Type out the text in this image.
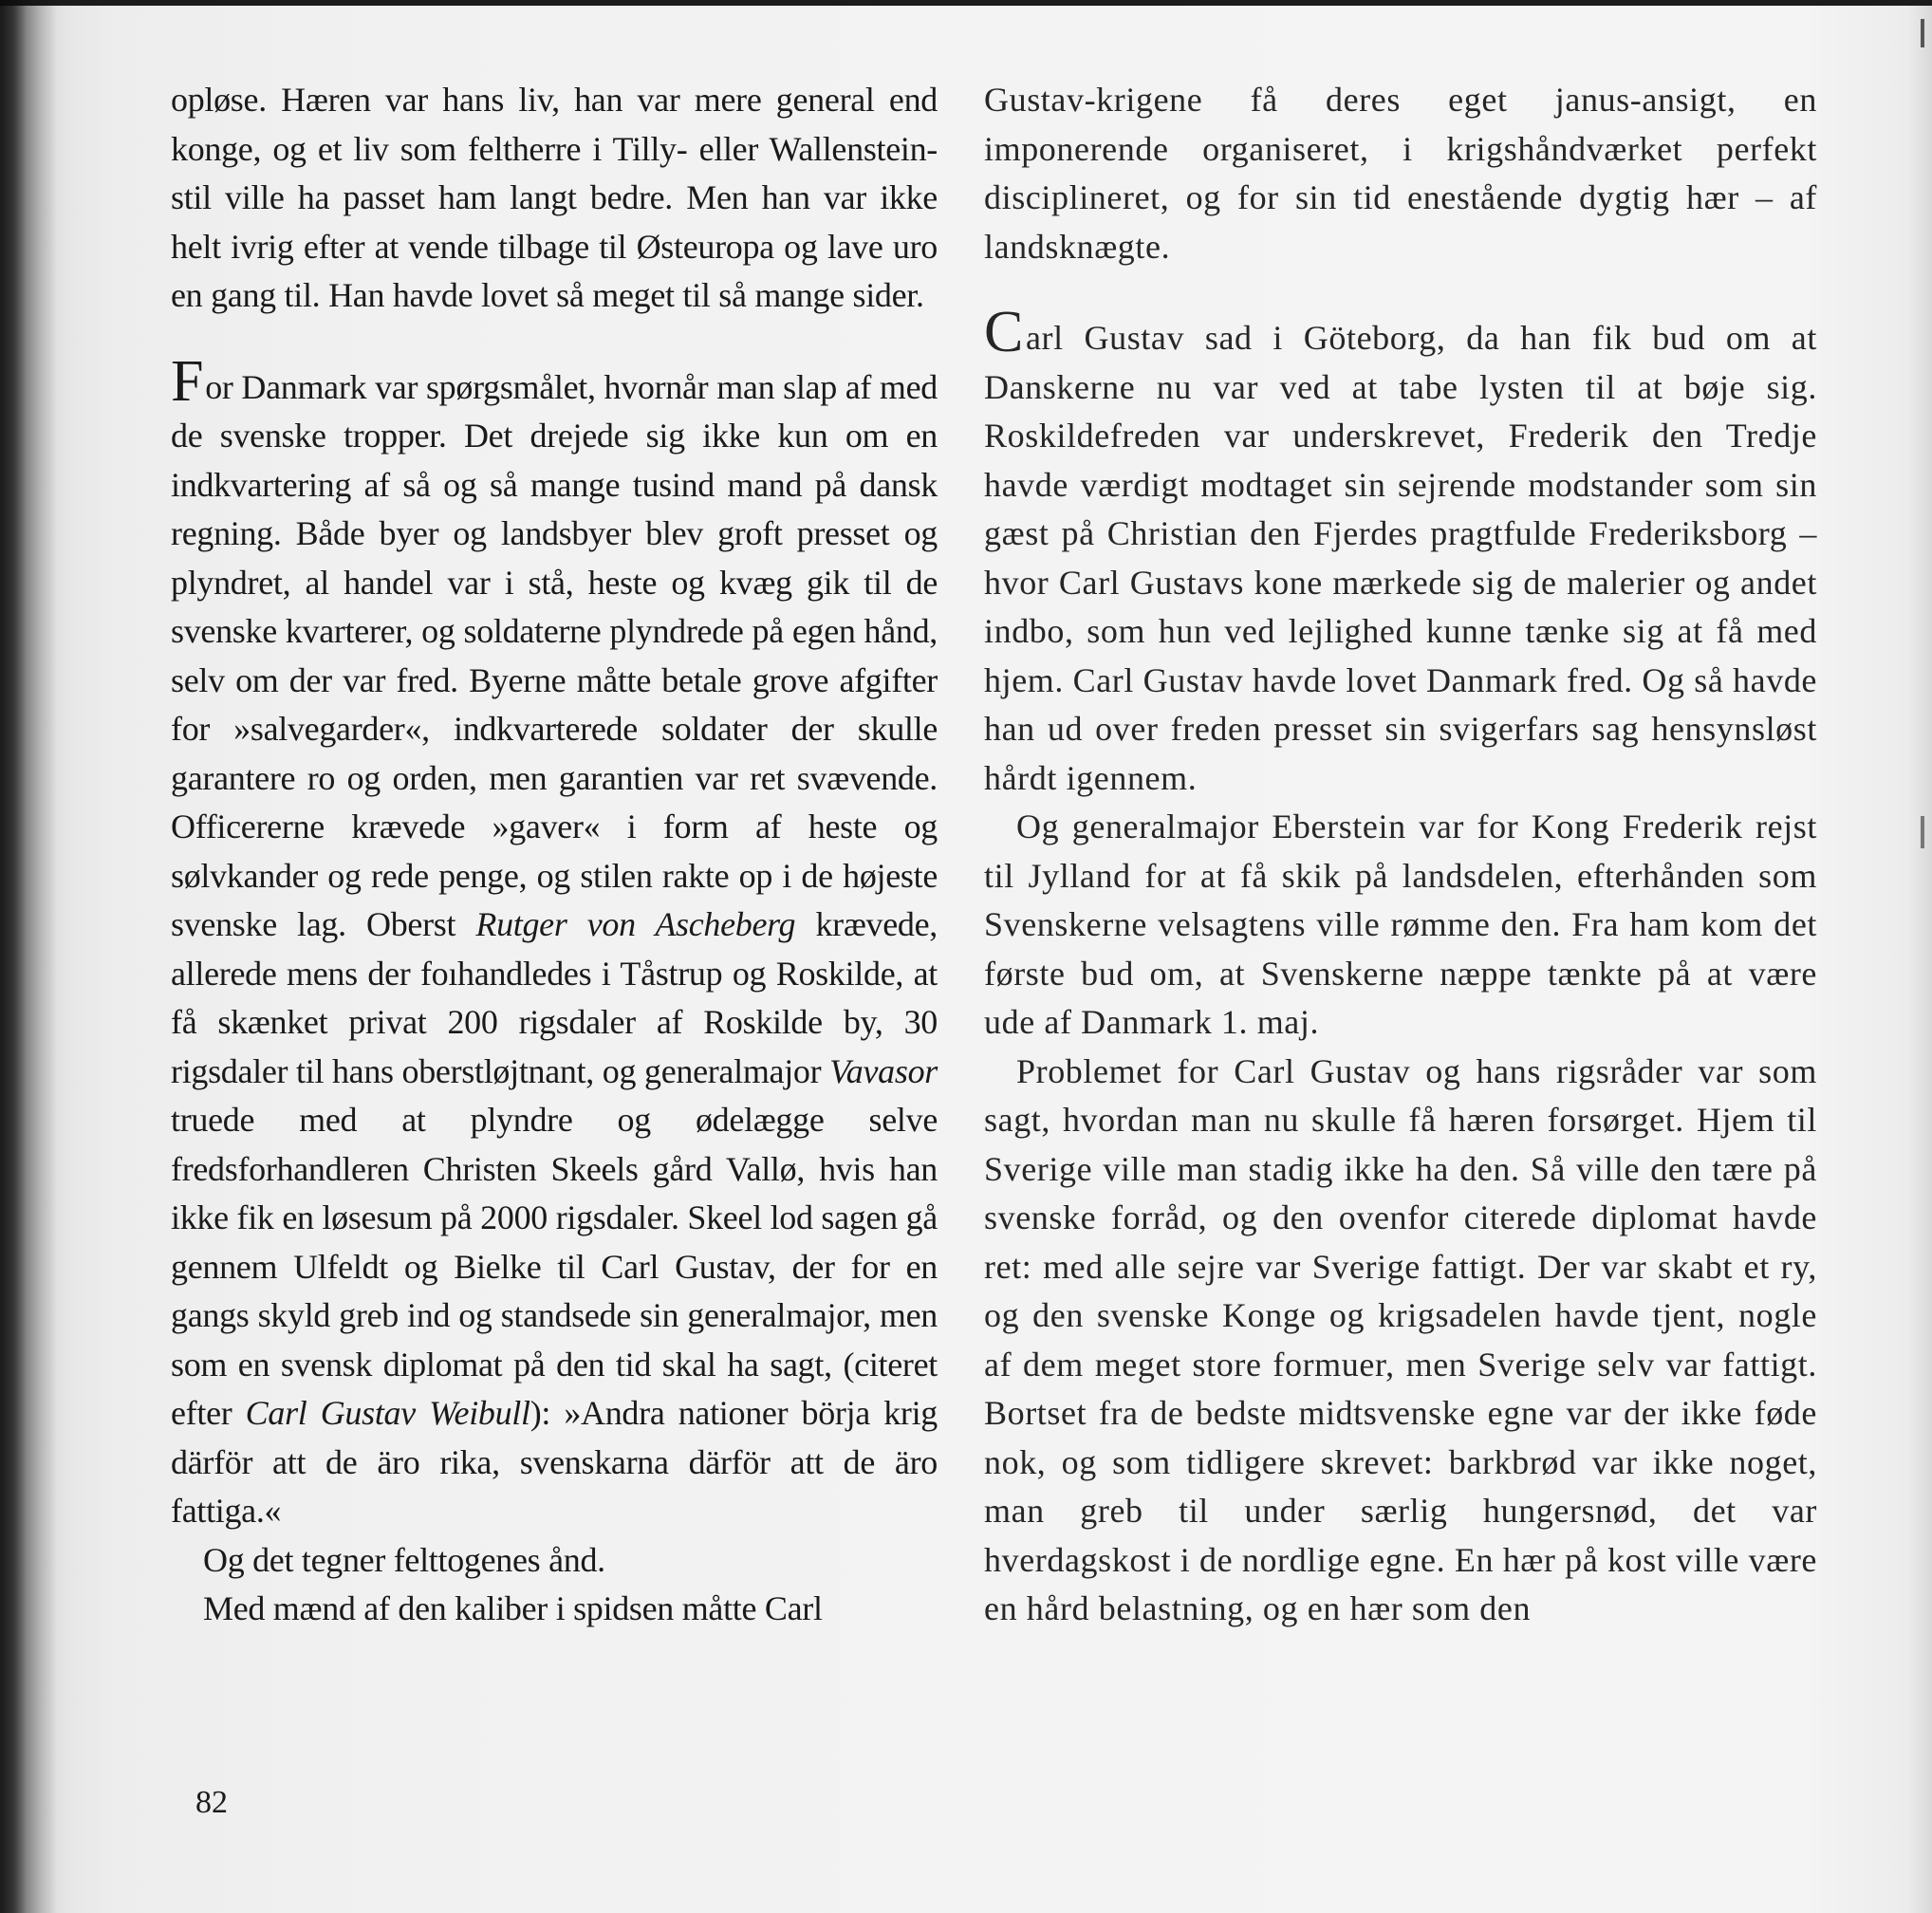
opløse. Hæren var hans liv, han var mere general end konge, og et liv som feltherre i Tilly- eller Wallenstein-stil ville ha passet ham langt bedre. Men han var ikke helt ivrig efter at vende tilbage til Østeuropa og lave uro en gang til. Han havde lovet så meget til så mange sider.

For Danmark var spørgsmålet, hvornår man slap af med de svenske tropper. Det drejede sig ikke kun om en indkvartering af så og så mange tusind mand på dansk regning. Både byer og landsbyer blev groft presset og plyndret, al handel var i stå, heste og kvæg gik til de svenske kvarterer, og soldaterne plyndrede på egen hånd, selv om der var fred. Byerne måtte betale grove afgifter for »salvegarder«, indkvarterede soldater der skulle garantere ro og orden, men garantien var ret svævende. Officererne krævede »gaver« i form af heste og sølvkander og rede penge, og stilen rakte op i de højeste svenske lag. Oberst Rutger von Ascheberg krævede, allerede mens der foıhandledes i Tåstrup og Roskilde, at få skænket privat 200 rigsdaler af Roskilde by, 30 rigsdaler til hans oberstløjtnant, og generalmajor Vavasor truede med at plyndre og ødelægge selve fredsforhandleren Christen Skeels gård Vallø, hvis han ikke fik en løsesum på 2000 rigsdaler. Skeel lod sagen gå gennem Ulfeldt og Bielke til Carl Gustav, der for en gangs skyld greb ind og standsede sin generalmajor, men som en svensk diplomat på den tid skal ha sagt, (citeret efter Carl Gustav Weibull): »Andra nationer börja krig därför att de äro rika, svenskarna därför att de äro fattiga.«

Og det tegner felttogenes ånd.

Med mænd af den kaliber i spidsen måtte Carl

Gustav-krigene få deres eget janus-ansigt, en imponerende organiseret, i krigshåndværket perfekt disciplineret, og for sin tid enestående dygtig hær – af landsknægte.

Carl Gustav sad i Göteborg, da han fik bud om at Danskerne nu var ved at tabe lysten til at bøje sig. Roskildefreden var underskrevet, Frederik den Tredje havde værdigt modtaget sin sejrende modstander som sin gæst på Christian den Fjerdes pragtfulde Frederiksborg – hvor Carl Gustavs kone mærkede sig de malerier og andet indbo, som hun ved lejlighed kunne tænke sig at få med hjem. Carl Gustav havde lovet Danmark fred. Og så havde han ud over freden presset sin svigerfars sag hensynsløst hårdt igennem.

Og generalmajor Eberstein var for Kong Frederik rejst til Jylland for at få skik på landsdelen, efterhånden som Svenskerne velsagtens ville rømme den. Fra ham kom det første bud om, at Svenskerne næppe tænkte på at være ude af Danmark 1. maj.

Problemet for Carl Gustav og hans rigsråder var som sagt, hvordan man nu skulle få hæren forsørget. Hjem til Sverige ville man stadig ikke ha den. Så ville den tære på svenske forråd, og den ovenfor citerede diplomat havde ret: med alle sejre var Sverige fattigt. Der var skabt et ry, og den svenske Konge og krigsadelen havde tjent, nogle af dem meget store formuer, men Sverige selv var fattigt. Bortset fra de bedste midtsvenske egne var der ikke føde nok, og som tidligere skrevet: barkbrød var ikke noget, man greb til under særlig hungersnød, det var hverdagskost i de nordlige egne. En hær på kost ville være en hård belastning, og en hær som den

82
